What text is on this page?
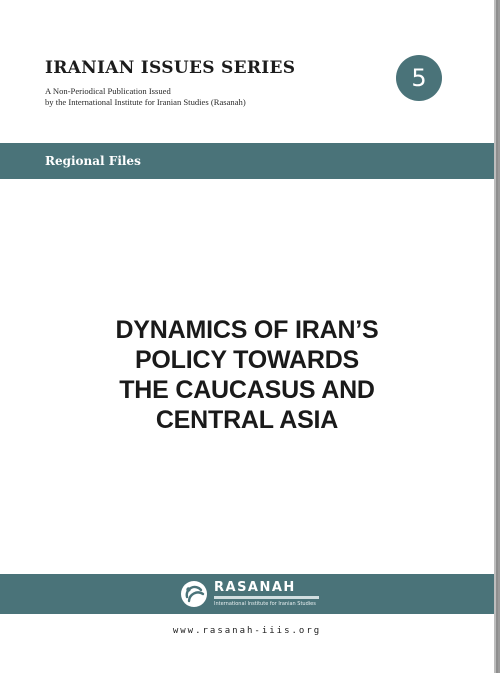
IRANIAN ISSUES SERIES
A Non-Periodical Publication Issued
by the International Institute for Iranian Studies (Rasanah)
5
Regional Files
DYNAMICS OF IRAN’S
POLICY TOWARDS
THE CAUCASUS AND
CENTRAL ASIA
RASANAH
International Institute for Iranian Studies
www.rasanah-iiis.org
